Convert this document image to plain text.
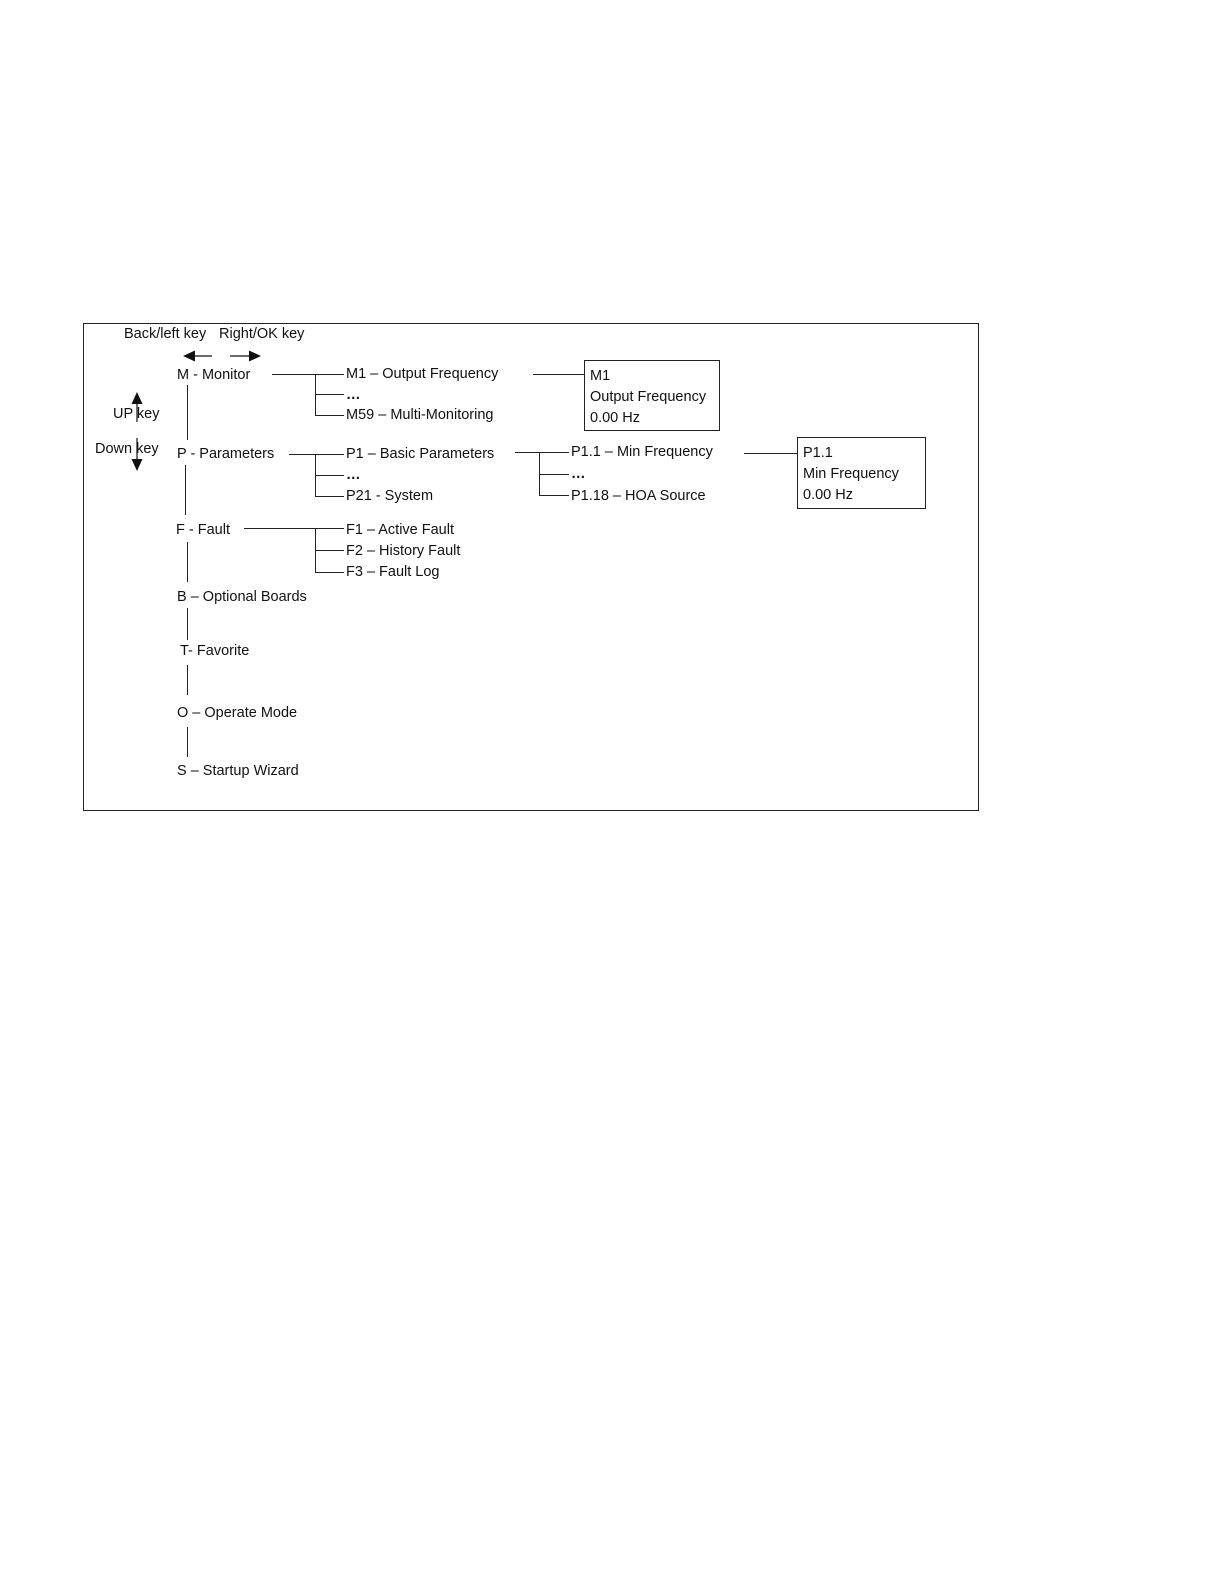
Back/left key Right/OK key
UP key
Down key
M - Monitor
P - Parameters
F - Fault
B – Optional Boards
T- Favorite
O – Operate Mode
S – Startup Wizard
M1 – Output Frequency
…
M59 – Multi-Monitoring
M1
Output Frequency
0.00 Hz
P1 – Basic Parameters
…
P21 - System
P1.1 – Min Frequency
…
P1.18 – HOA Source
P1.1
Min Frequency
0.00 Hz
F1 – Active Fault
F2 – History Fault
F3 – Fault Log
